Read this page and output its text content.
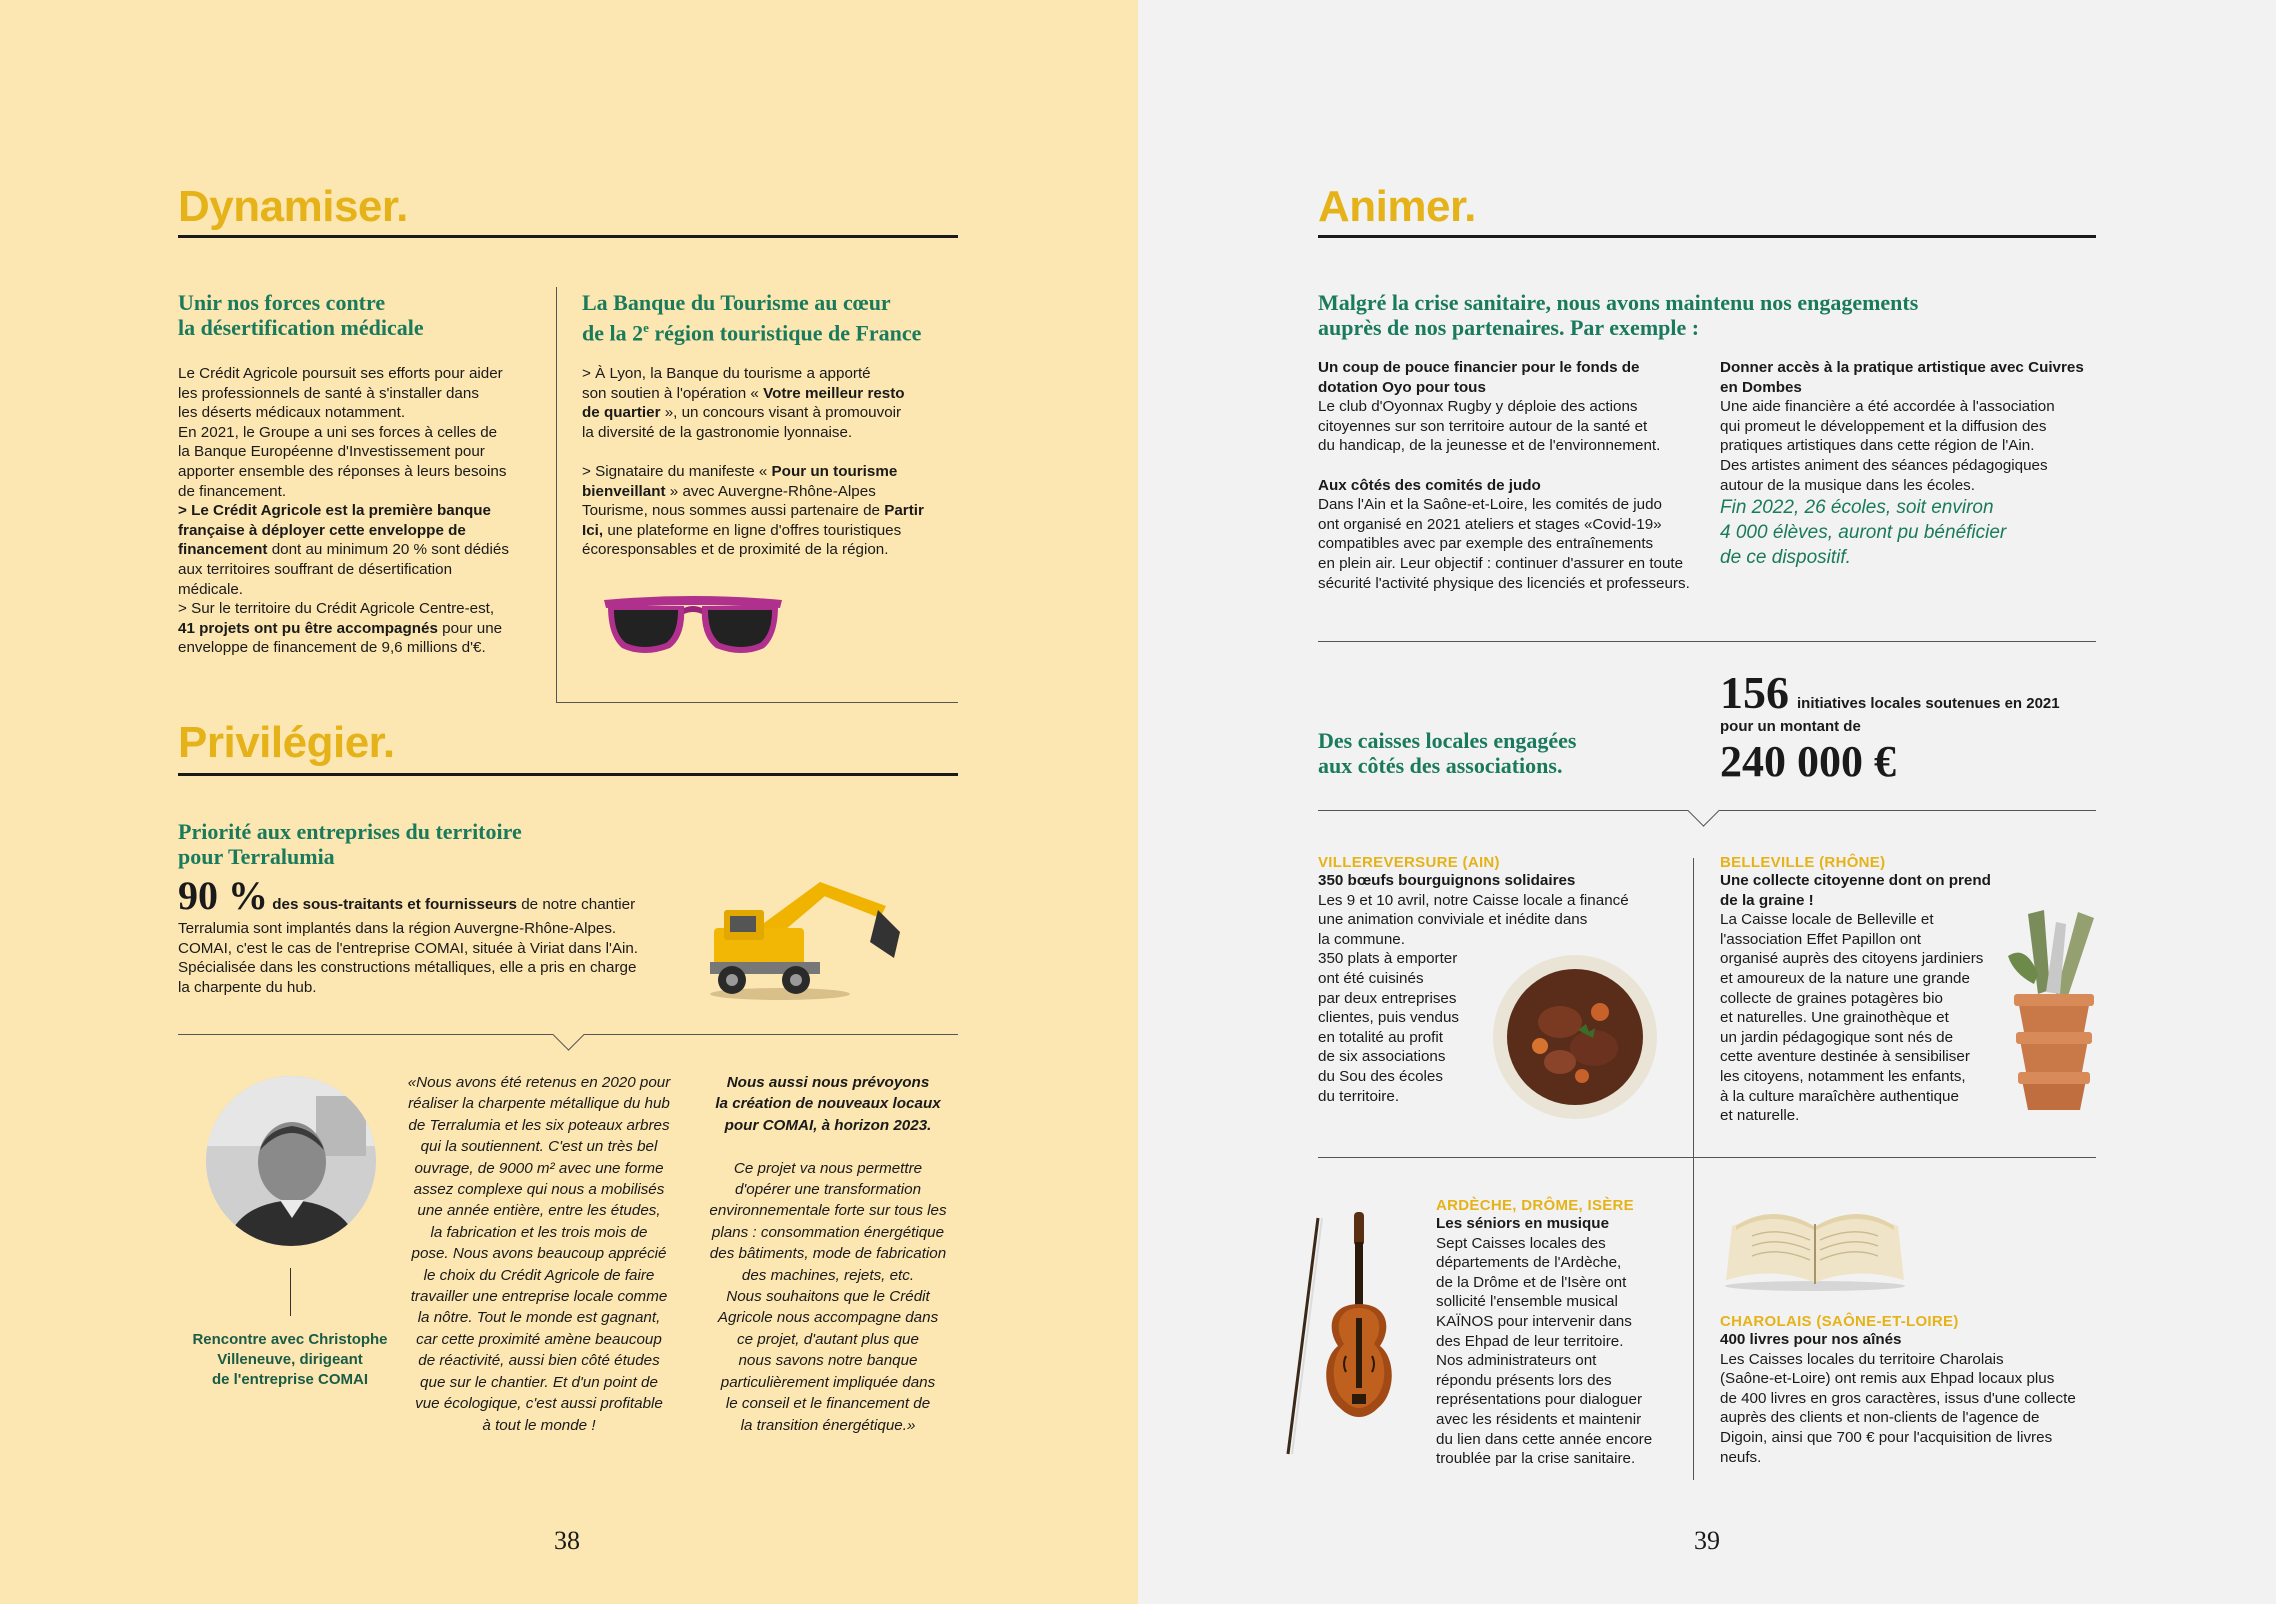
Dynamiser.
Unir nos forces contre
la désertification médicale

Le Crédit Agricole poursuit ses efforts pour aider

les professionnels de santé à s'installer dans

les déserts médicaux notamment.

En 2021, le Groupe a uni ses forces à celles de

la Banque Européenne d'Investissement pour

apporter ensemble des réponses à leurs besoins

de financement.

> Le Crédit Agricole est la première banque

française à déployer cette enveloppe de

financement dont au minimum 20 % sont dédiés

aux territoires souffrant de désertification

médicale.

> Sur le territoire du Crédit Agricole Centre-est,

41 projets ont pu être accompagnés pour une

enveloppe de financement de 9,6 millions d'€.

La Banque du Tourisme au cœur
de la 2e région touristique de France

> À Lyon, la Banque du tourisme a apporté

son soutien à l'opération « Votre meilleur resto

de quartier », un concours visant à promouvoir

la diversité de la gastronomie lyonnaise.

> Signataire du manifeste « Pour un tourisme

bienveillant » avec Auvergne-Rhône-Alpes

Tourisme, nous sommes aussi partenaire de Partir

Ici, une plateforme en ligne d'offres touristiques

écoresponsables et de proximité de la région.

Privilégier.
Priorité aux entreprises du territoire
pour Terralumia

90 % des sous-traitants et fournisseurs de notre chantier

Terralumia sont implantés dans la région Auvergne-Rhône-Alpes.

COMAI, c'est le cas de l'entreprise COMAI, située à Viriat dans l'Ain.

Spécialisée dans les constructions métalliques, elle a pris en charge

la charpente du hub.

Rencontre avec Christophe
Villeneuve, dirigeant
de l'entreprise COMAI
«Nous avons été retenus en 2020 pour
réaliser la charpente métallique du hub
de Terralumia et les six poteaux arbres
qui la soutiennent. C'est un très bel
ouvrage, de 9000 m² avec une forme
assez complexe qui nous a mobilisés
une année entière, entre les études,
la fabrication et les trois mois de
pose. Nous avons beaucoup apprécié
le choix du Crédit Agricole de faire
travailler une entreprise locale comme
la nôtre. Tout le monde est gagnant,
car cette proximité amène beaucoup
de réactivité, aussi bien côté études
que sur le chantier. Et d'un point de
vue écologique, c'est aussi profitable
à tout le monde !
Nous aussi nous prévoyons
la création de nouveaux locaux
pour COMAI, à horizon 2023.

Ce projet va nous permettre
d'opérer une transformation
environnementale forte sur tous les
plans : consommation énergétique
des bâtiments, mode de fabrication
des machines, rejets, etc.
Nous souhaitons que le Crédit
Agricole nous accompagne dans
ce projet, d'autant plus que
nous savons notre banque
particulièrement impliquée dans
le conseil et le financement de
la transition énergétique.»
38
Animer.
Malgré la crise sanitaire, nous avons maintenu nos engagements
auprès de nos partenaires. Par exemple :

Un coup de pouce financier pour le fonds de

dotation Oyo pour tous

Le club d'Oyonnax Rugby y déploie des actions

citoyennes sur son territoire autour de la santé et

du handicap, de la jeunesse et de l'environnement.

Aux côtés des comités de judo

Dans l'Ain et la Saône-et-Loire, les comités de judo

ont organisé en 2021 ateliers et stages «Covid-19»

compatibles avec par exemple des entraînements

en plein air. Leur objectif : continuer d'assurer en toute

sécurité l'activité physique des licenciés et professeurs.

Donner accès à la pratique artistique avec Cuivres

en Dombes

Une aide financière a été accordée à l'association

qui promeut le développement et la diffusion des

pratiques artistiques dans cette région de l'Ain.

Des artistes animent des séances pédagogiques

autour de la musique dans les écoles.

Fin 2022, 26 écoles, soit environ
4 000 élèves, auront pu bénéficier
de ce dispositif.
Des caisses locales engagées
aux côtés des associations.
156 initiatives locales soutenues en 2021
pour un montant de
240 000 €
VILLEREVERSURE (AIN)
350 bœufs bourguignons solidaires

Les 9 et 10 avril, notre Caisse locale a financé

une animation conviviale et inédite dans

la commune.

350 plats à emporter

ont été cuisinés

par deux entreprises

clientes, puis vendus

en totalité au profit

de six associations

du Sou des écoles

du territoire.

BELLEVILLE (RHÔNE)
Une collecte citoyenne dont on prend
de la graine !

La Caisse locale de Belleville et

l'association Effet Papillon ont

organisé auprès des citoyens jardiniers

et amoureux de la nature une grande

collecte de graines potagères bio

et naturelles. Une grainothèque et

un jardin pédagogique sont nés de

cette aventure destinée à sensibiliser

les citoyens, notamment les enfants,

à la culture maraîchère authentique

et naturelle.

ARDÈCHE, DRÔME, ISÈRE
Les séniors en musique

Sept Caisses locales des

départements de l'Ardèche,

de la Drôme et de l'Isère ont

sollicité l'ensemble musical

KAÏNOS pour intervenir dans

des Ehpad de leur territoire.

Nos administrateurs ont

répondu présents lors des

représentations pour dialoguer

avec les résidents et maintenir

du lien dans cette année encore

troublée par la crise sanitaire.

CHAROLAIS (SAÔNE-ET-LOIRE)
400 livres pour nos aînés

Les Caisses locales du territoire Charolais

(Saône-et-Loire) ont remis aux Ehpad locaux plus

de 400 livres en gros caractères, issus d'une collecte

auprès des clients et non-clients de l'agence de

Digoin, ainsi que 700 € pour l'acquisition de livres

neufs.

39
